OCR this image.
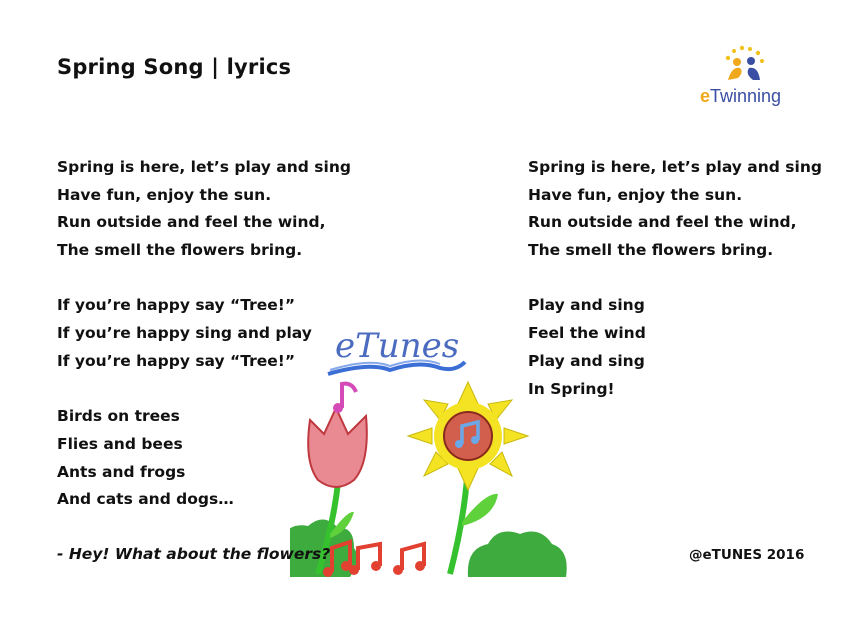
Spring Song | lyrics
eTwinning
Spring is here, let’s play and sing
Have fun, enjoy the sun.
Run outside and feel the wind,
The smell the flowers bring.
If you’re happy say “Tree!”
If you’re happy sing and play
If you’re happy say “Tree!”
Birds on trees
Flies and bees
Ants and frogs
And cats and dogs…
Spring is here, let’s play and sing
Have fun, enjoy the sun.
Run outside and feel the wind,
The smell the flowers bring.
Play and sing
Feel the wind
Play and sing
In Spring!
eTunes
- Hey! What about the flowers?	@eTUNES 2016
